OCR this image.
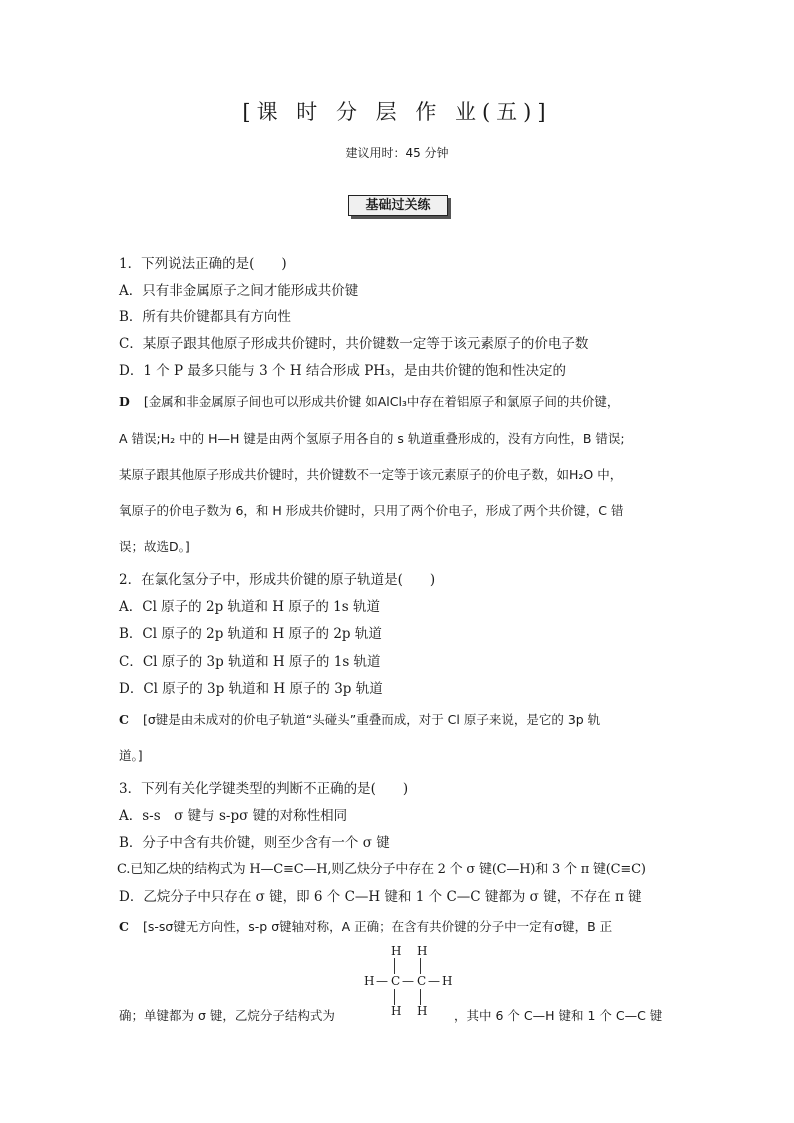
[课 时 分 层 作 业(五)]
建议用时：45 分钟
基础过关练
1．下列说法正确的是(　　)
A．只有非金属原子之间才能形成共价键
B．所有共价键都具有方向性
C．某原子跟其他原子形成共价键时，共价键数一定等于该元素原子的价电子数
D．1 个 P 最多只能与 3 个 H 结合形成 PH₃，是由共价键的饱和性决定的
D [金属和非金属原子间也可以形成共价键 如AlCl₃中存在着铝原子和氯原子间的共价键，
A 错误;H₂ 中的 H—H 键是由两个氢原子用各自的 s 轨道重叠形成的，没有方向性，B 错误;
某原子跟其他原子形成共价键时，共价键数不一定等于该元素原子的价电子数，如H₂O 中，
氧原子的价电子数为 6，和 H 形成共价键时，只用了两个价电子，形成了两个共价键，C 错
误；故选D。]
2．在氯化氢分子中，形成共价键的原子轨道是(　　)
A．Cl 原子的 2p 轨道和 H 原子的 1s 轨道
B．Cl 原子的 2p 轨道和 H 原子的 2p 轨道
C．Cl 原子的 3p 轨道和 H 原子的 1s 轨道
D．Cl 原子的 3p 轨道和 H 原子的 3p 轨道
C [σ键是由未成对的价电子轨道“头碰头”重叠而成，对于 Cl 原子来说，是它的 3p 轨
道。]
3．下列有关化学键类型的判断不正确的是(　　)
A．s-s　σ 键与 s-pσ 键的对称性相同
B．分子中含有共价键，则至少含有一个 σ 键
C.已知乙炔的结构式为 H—C≡C—H,则乙炔分子中存在 2 个 σ 键(C—H)和 3 个 π 键(C≡C)
D．乙烷分子中只存在 σ 键，即 6 个 C—H 键和 1 个 C—C 键都为 σ 键，不存在 π 键
C [s-sσ键无方向性，s-p σ键轴对称，A 正确；在含有共价键的分子中一定有σ键，B 正
确；单键都为 σ 键，乙烷分子结构式为	，其中 6 个 C—H 键和 1 个 C—C 键
H H
H — C — C — H
H H
